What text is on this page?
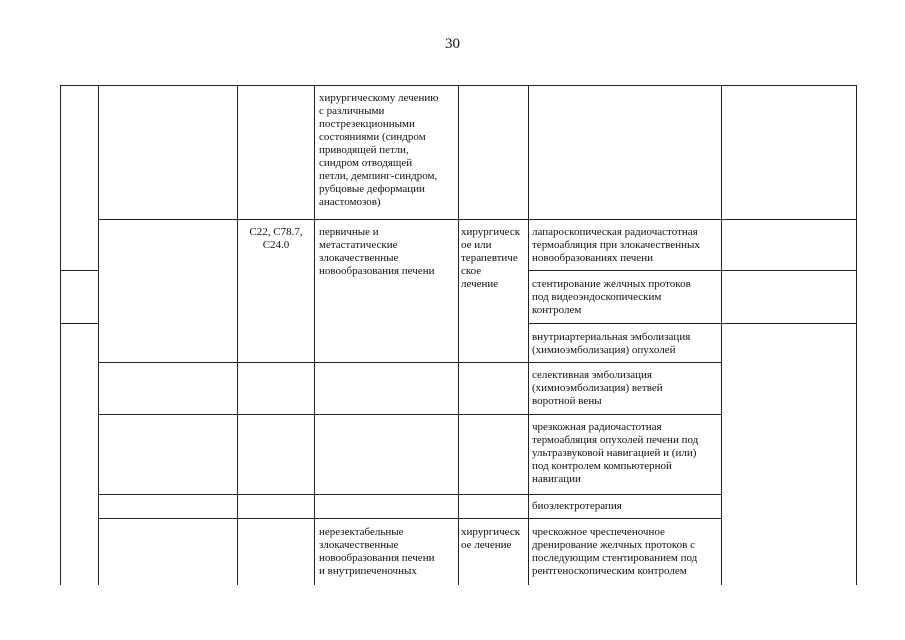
30
хирургическому лечению
с различными
пострезекционными
состояниями (синдром
приводящей петли,
синдром отводящей
петли, демпинг-синдром,
рубцовые деформации
анастомозов)
C22, C78.7,
C24.0
первичные и
метастатические
злокачественные
новообразования печени
хирургическ
ое или
терапевтиче
ское
лечение
лапароскопическая радиочастотная
термоабляция при злокачественных
новообразованиях печени
стентирование желчных протоков
под видеоэндоскопическим
контролем
внутриартериальная эмболизация
(химиоэмболизация) опухолей
селективная эмболизация
(химиоэмболизация) ветвей
воротной вены
чрезкожная радиочастотная
термоабляция опухолей печени под
ультразвуковой навигацией и (или)
под контролем компьютерной
навигации
биоэлектротерапия
нерезектабельные
злокачественные
новообразования печени
и внутрипеченочных
хирургическ
ое лечение
чрескожное чреспеченочное
дренирование желчных протоков с
последующим стентированием под
рентгеноскопическим контролем
